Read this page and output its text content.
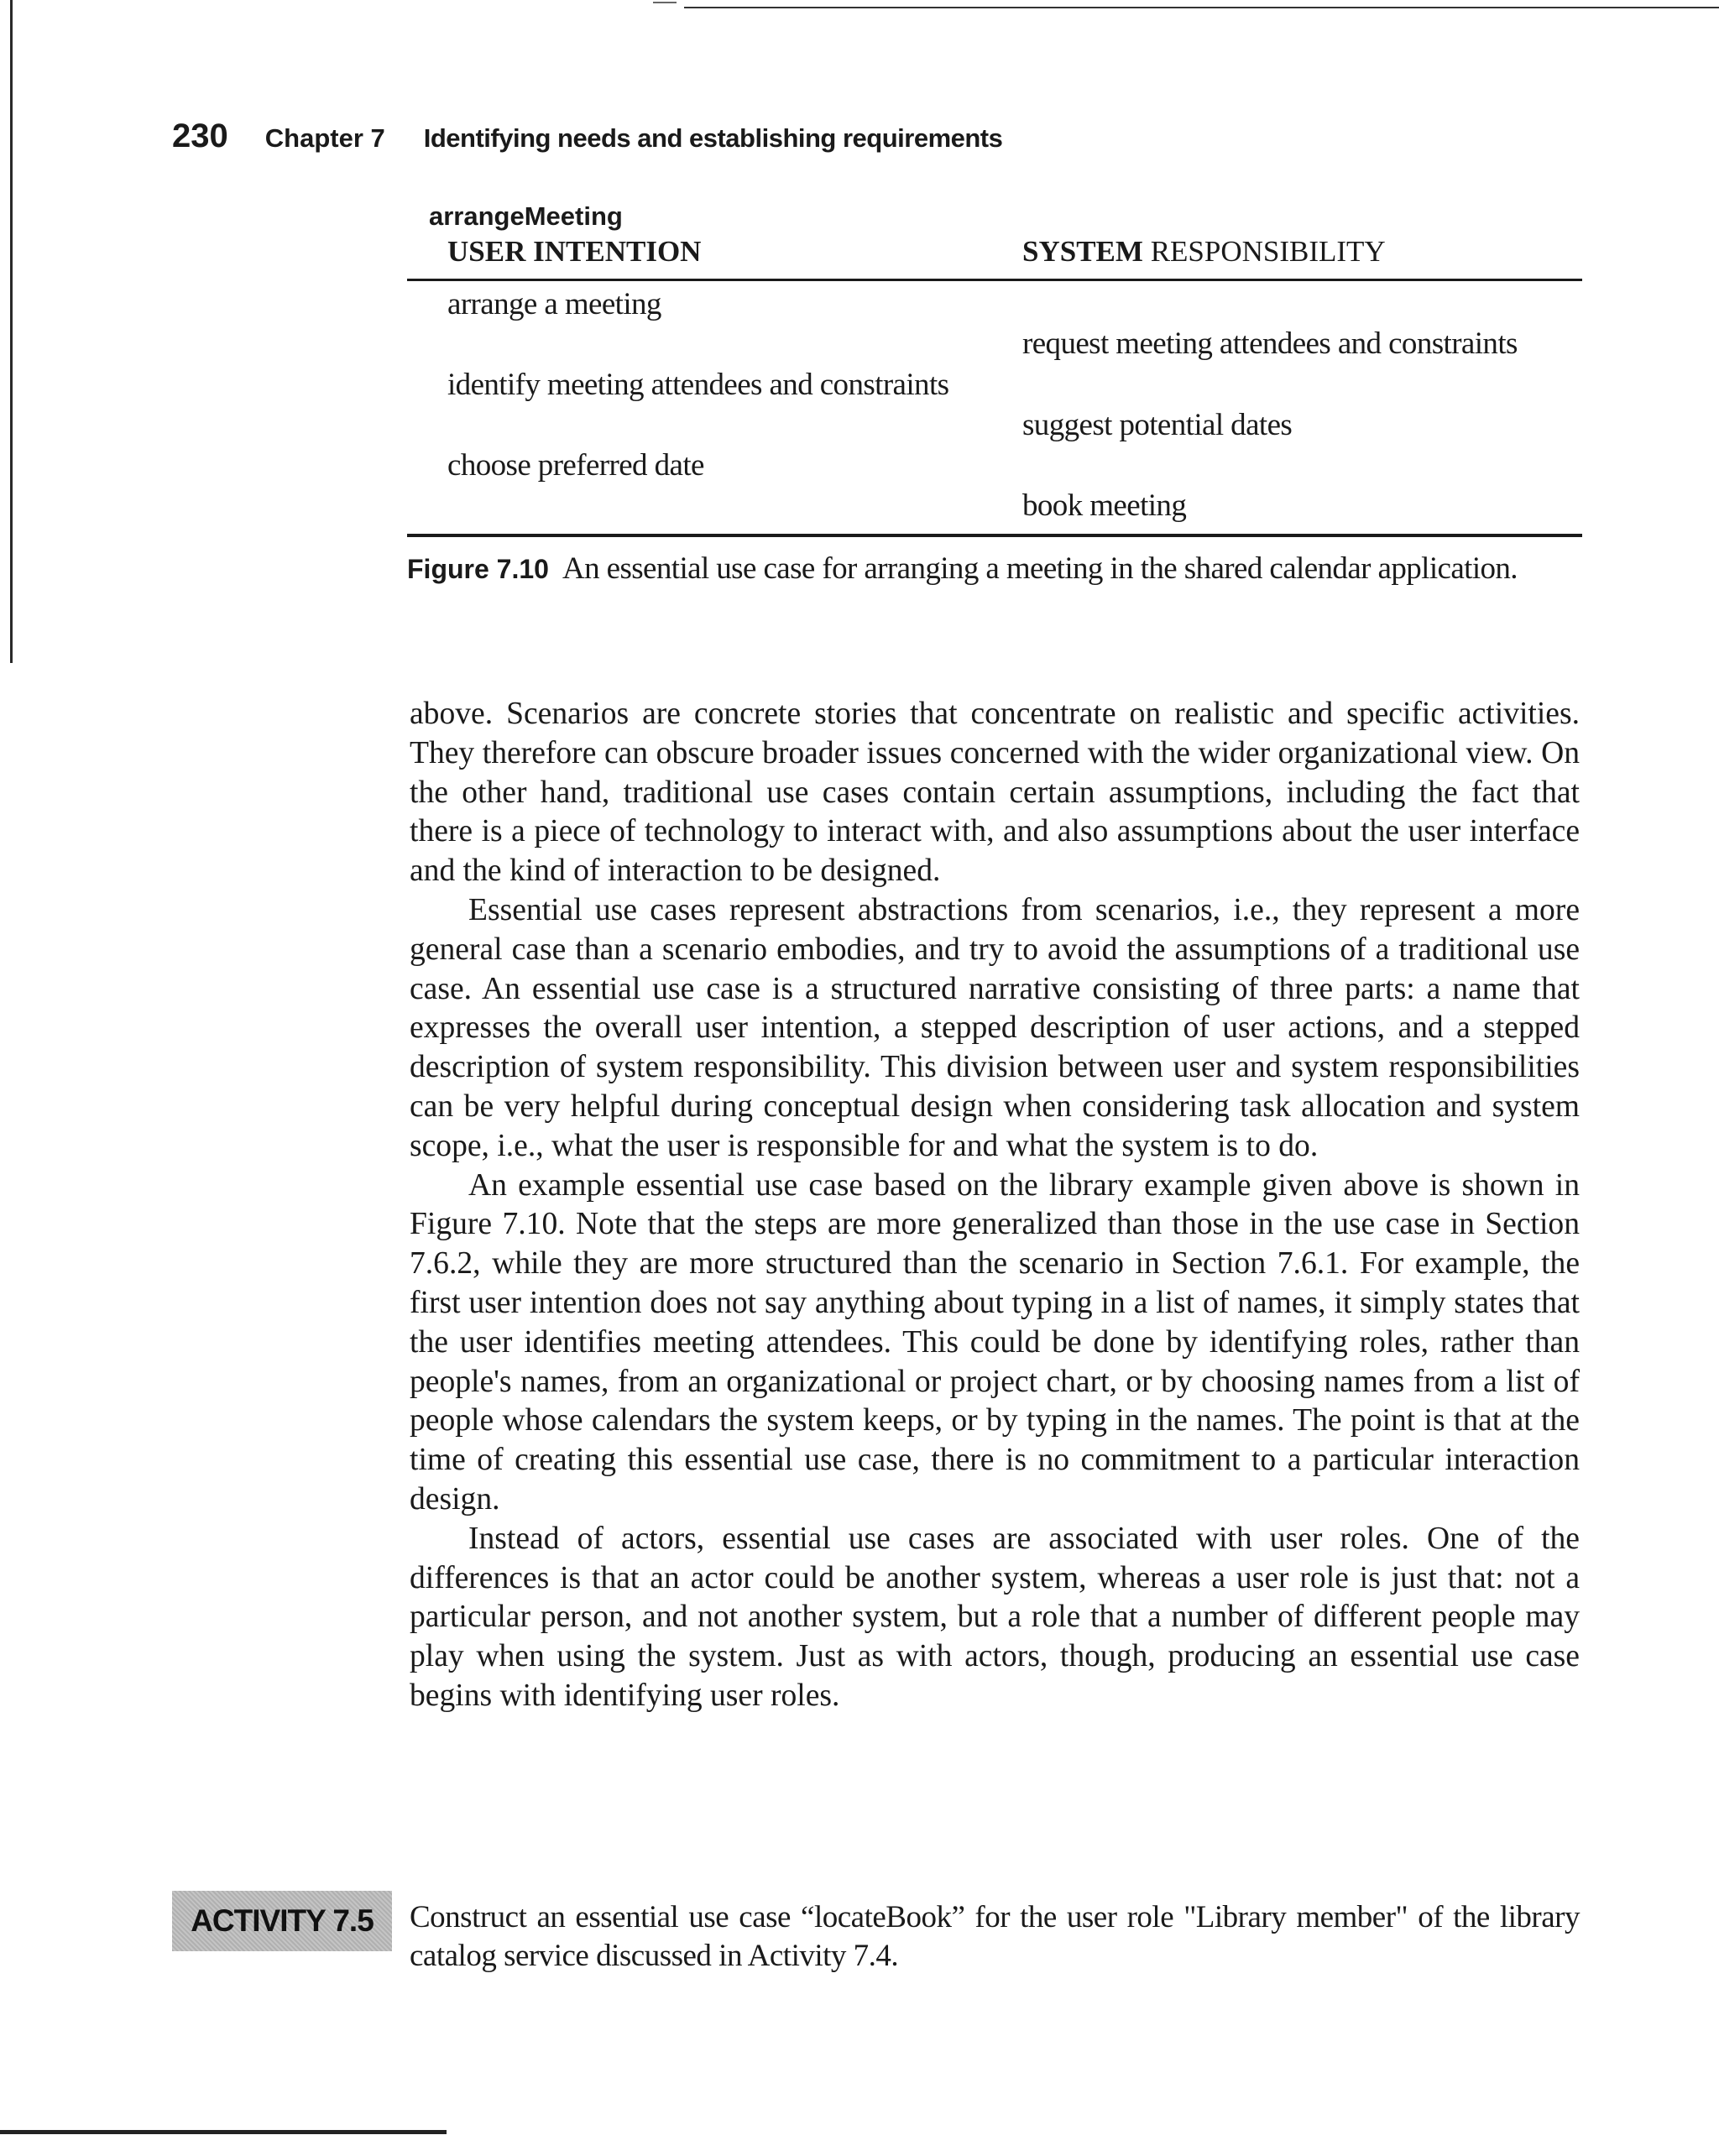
230 Chapter 7 Identifying needs and establishing requirements
arrangeMeeting
USER INTENTION	SYSTEM RESPONSIBILITY
arrange a meeting
request meeting attendees and constraints
identify meeting attendees and constraints
suggest potential dates
choose preferred date
book meeting
Figure 7.10 An essential use case for arranging a meeting in the shared calendar application.

above. Scenarios are concrete stories that concentrate on realistic and specific activities. They therefore can obscure broader issues concerned with the wider organizational view. On the other hand, traditional use cases contain certain assumptions, including the fact that there is a piece of technology to interact with, and also assumptions about the user interface and the kind of interaction to be designed.

Essential use cases represent abstractions from scenarios, i.e., they represent a more general case than a scenario embodies, and try to avoid the assumptions of a traditional use case. An essential use case is a structured narrative consisting of three parts: a name that expresses the overall user intention, a stepped description of user actions, and a stepped description of system responsibility. This division between user and system responsibilities can be very helpful during conceptual design when considering task allocation and system scope, i.e., what the user is responsible for and what the system is to do.

An example essential use case based on the library example given above is shown in Figure 7.10. Note that the steps are more generalized than those in the use case in Section 7.6.2, while they are more structured than the scenario in Section 7.6.1. For example, the first user intention does not say anything about typing in a list of names, it simply states that the user identifies meeting attendees. This could be done by identifying roles, rather than people's names, from an organizational or project chart, or by choosing names from a list of people whose calendars the system keeps, or by typing in the names. The point is that at the time of creating this essential use case, there is no commitment to a particular interaction design.

Instead of actors, essential use cases are associated with user roles. One of the differences is that an actor could be another system, whereas a user role is just that: not a particular person, and not another system, but a role that a number of different people may play when using the system. Just as with actors, though, producing an essential use case begins with identifying user roles.

ACTIVITY 7.5 Construct an essential use case “locateBook” for the user role "Library member" of the library catalog service discussed in Activity 7.4.
